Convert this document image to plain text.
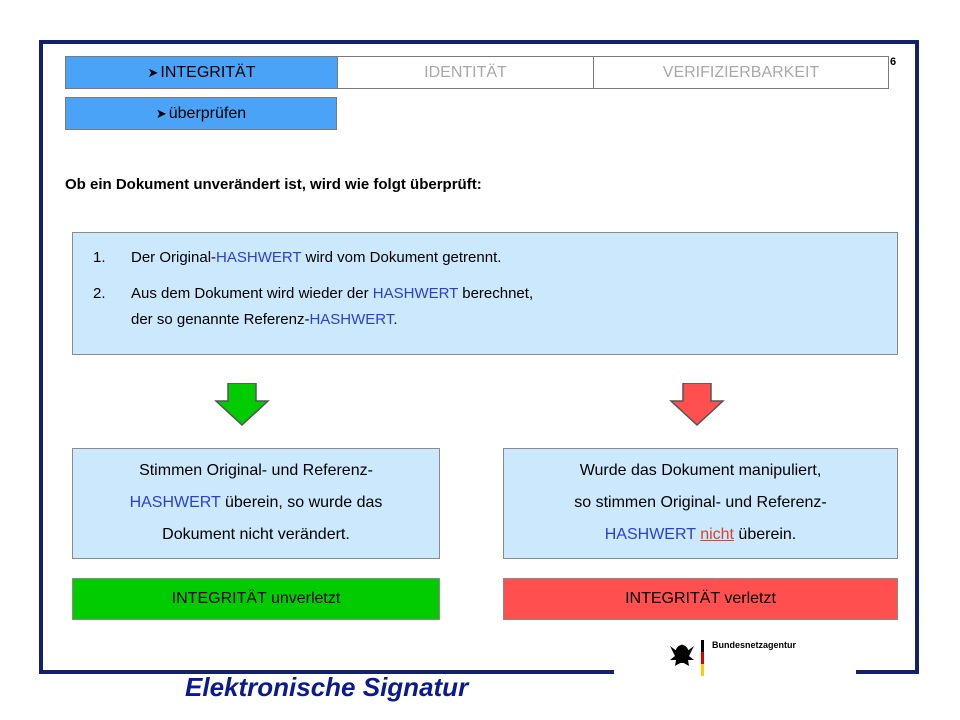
6
➤ INTEGRITÄT	IDENTITÄT	VERIFIZIERBARKEIT
➤ überprüfen
Ob ein Dokument unverändert ist, wird wie folgt überprüft:
1.	Der Original-HASHWERT wird vom Dokument getrennt.
2.	Aus dem Dokument wird wieder der HASHWERT berechnet,
der so genannte Referenz-HASHWERT.
Stimmen Original- und Referenz-
HASHWERT überein, so wurde das
Dokument nicht verändert.
Wurde das Dokument manipuliert,
so stimmen Original- und Referenz-
HASHWERT nicht überein.
INTEGRITÄT unverletzt	INTEGRITÄT verletzt
Bundesnetzagentur
Elektronische Signatur
